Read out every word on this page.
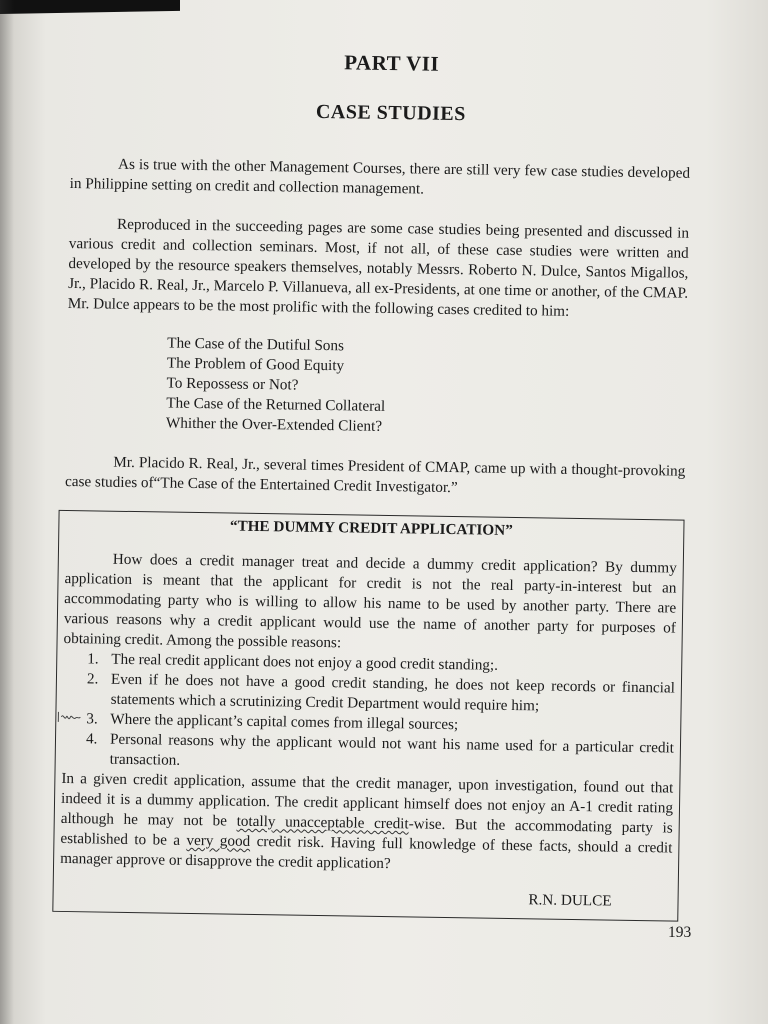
PART VII
CASE STUDIES

As is true with the other Management Courses, there are still very few case studies developed in Philippine setting on credit and collection management.

Reproduced in the succeeding pages are some case studies being presented and discussed in various credit and collection seminars. Most, if not all, of these case studies were written and developed by the resource speakers themselves, notably Messrs. Roberto N. Dulce, Santos Migallos, Jr., Placido R. Real, Jr., Marcelo P. Villanueva, all ex-Presidents, at one time or another, of the CMAP. Mr. Dulce appears to be the most prolific with the following cases credited to him:

The Case of the Dutiful Sons
The Problem of Good Equity
To Repossess or Not?
The Case of the Returned Collateral
Whither the Over-Extended Client?

Mr. Placido R. Real, Jr., several times President of CMAP, came up with a thought-provoking case studies of“The Case of the Entertained Credit Investigator.”

“THE DUMMY CREDIT APPLICATION”

How does a credit manager treat and decide a dummy credit application? By dummy application is meant that the applicant for credit is not the real party-in-interest but an accommodating party who is willing to allow his name to be used by another party. There are various reasons why a credit applicant would use the name of another party for purposes of obtaining credit. Among the possible reasons:

1. The real credit applicant does not enjoy a good credit standing;.
2. Even if he does not have a good credit standing, he does not keep records or financial statements which a scrutinizing Credit Department would require him;
3. Where the applicant’s capital comes from illegal sources;
4. Personal reasons why the applicant would not want his name used for a particular credit transaction.

In a given credit application, assume that the credit manager, upon investigation, found out that indeed it is a dummy application. The credit applicant himself does not enjoy an A-1 credit rating although he may not be totally unacceptable credit-wise. But the accommodating party is established to be a very good credit risk. Having full knowledge of these facts, should a credit manager approve or disapprove the credit application?

R.N. DULCE

193
